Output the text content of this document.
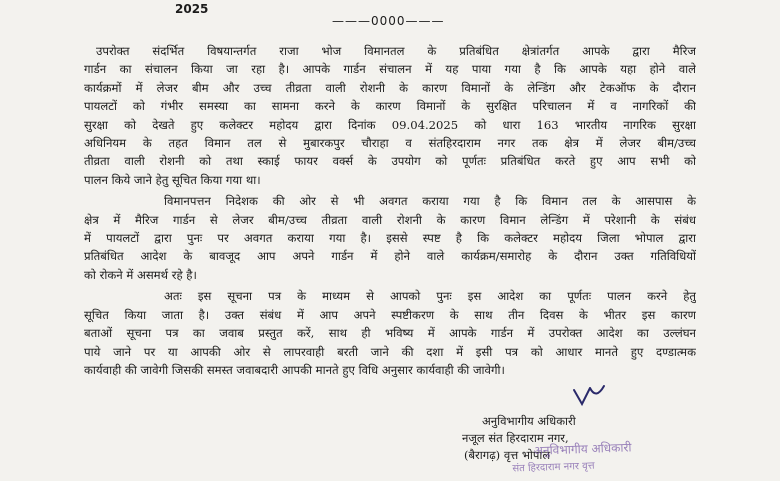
2025
———0000———
उपरोक्त संदर्भित विषयान्तर्गत राजा भोज विमानतल के प्रतिबंधित क्षेत्रांतर्गत आपके द्वारा मैरिज
गार्डन का संचालन किया जा रहा है। आपके गार्डन संचालन में यह पाया गया है कि आपके यहा होने वाले
कार्यक्रमों में लेजर बीम और उच्च तीव्रता वाली रोशनी के कारण विमानों के लेन्डिंग और टेकऑफ के दौरान
पायलटों को गंभीर समस्या का सामना करने के कारण विमानों के सुरक्षित परिचालन में व नागरिकों की
सुरक्षा को देखते हुए कलेक्टर महोदय द्वारा दिनांक 09.04.2025 को धारा 163 भारतीय नागरिक सुरक्षा
अधिनियम के तहत विमान तल से मुबारकपुर चौराहा व संतहिरदाराम नगर तक क्षेत्र में लेजर बीम/उच्च
तीव्रता वाली रोशनी को तथा स्काई फायर वर्क्स के उपयोग को पूर्णतः प्रतिबंधित करते हुए आप सभी को
पालन किये जाने हेतु सूचित किया गया था।
विमानपत्तन निदेशक की ओर से भी अवगत कराया गया है कि विमान तल के आसपास के
क्षेत्र में मैरिज गार्डन से लेजर बीम/उच्च तीव्रता वाली रोशनी के कारण विमान लेन्डिंग में परेशानी के संबंध
में पायलटों द्वारा पुनः पर अवगत कराया गया है। इससे स्पष्ट है कि कलेक्टर महोदय जिला भोपाल द्वारा
प्रतिबंधित आदेश के बावजूद आप अपने गार्डन में होने वाले कार्यक्रम/समारोह के दौरान उक्त गतिविधियों
को रोकने में असमर्थ रहे है।
अतः इस सूचना पत्र के माध्यम से आपको पुनः इस आदेश का पूर्णतः पालन करने हेतु
सूचित किया जाता है। उक्त संबंध में आप अपने स्पष्टीकरण के साथ तीन दिवस के भीतर इस कारण
बताओं सूचना पत्र का जवाब प्रस्तुत करें, साथ ही भविष्य में आपके गार्डन में उपरोक्त आदेश का उल्लंघन
पाये जाने पर या आपकी ओर से लापरवाही बरती जाने की दशा में इसी पत्र को आधार मानते हुए दण्डात्मक
कार्यवाही की जावेगी जिसकी समस्त जवाबदारी आपकी मानते हुए विधि अनुसार कार्यवाही की जावेगी।
अनुविभागीय अधिकारी
नजूल संत हिरदाराम नगर,
(बैरागढ़) वृत्त भोपाल
अनुविभागीय अधिकारी
संत हिरदाराम नगर वृत्त
